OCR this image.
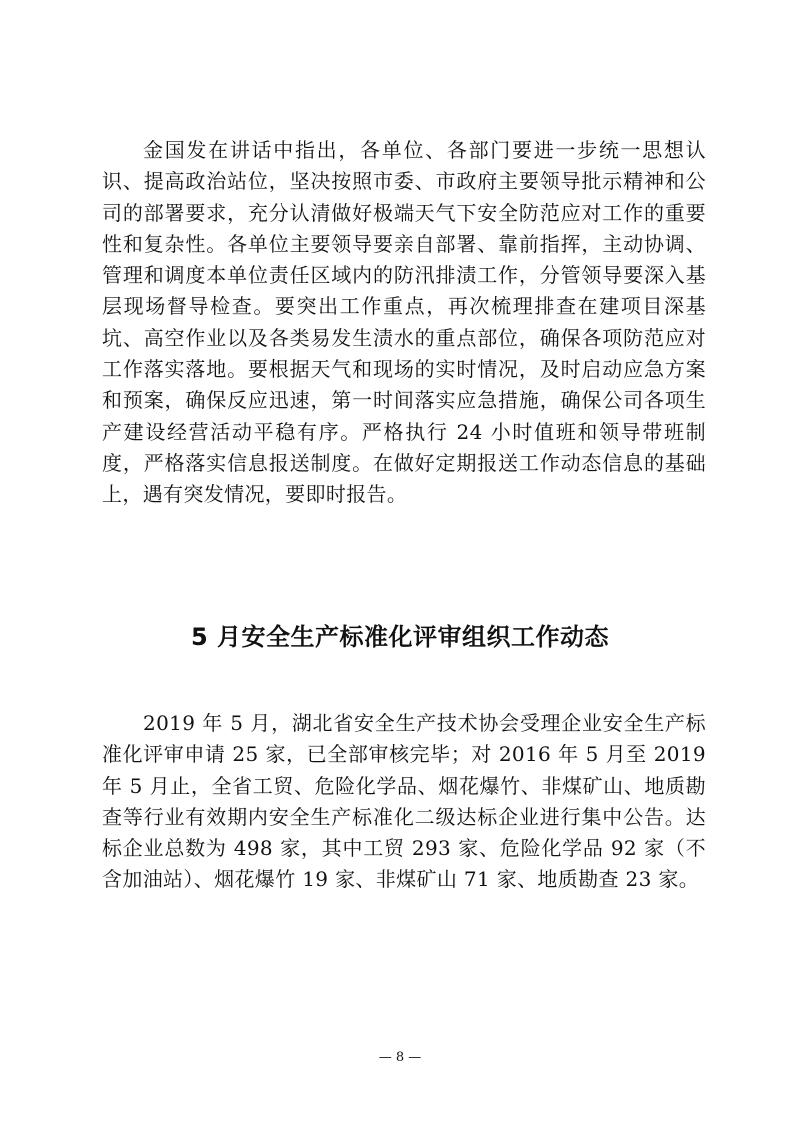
金国发在讲话中指出，各单位、各部门要进一步统一思想认识、提高政治站位，坚决按照市委、市政府主要领导批示精神和公司的部署要求，充分认清做好极端天气下安全防范应对工作的重要性和复杂性。各单位主要领导要亲自部署、靠前指挥，主动协调、管理和调度本单位责任区域内的防汛排渍工作，分管领导要深入基层现场督导检查。要突出工作重点，再次梳理排查在建项目深基坑、高空作业以及各类易发生渍水的重点部位，确保各项防范应对工作落实落地。要根据天气和现场的实时情况，及时启动应急方案和预案，确保反应迅速，第一时间落实应急措施，确保公司各项生产建设经营活动平稳有序。严格执行 24 小时值班和领导带班制度，严格落实信息报送制度。在做好定期报送工作动态信息的基础上，遇有突发情况，要即时报告。

5 月安全生产标准化评审组织工作动态

2019 年 5 月，湖北省安全生产技术协会受理企业安全生产标准化评审申请 25 家，已全部审核完毕；对 2016 年 5 月至 2019 年 5 月止，全省工贸、危险化学品、烟花爆竹、非煤矿山、地质勘查等行业有效期内安全生产标准化二级达标企业进行集中公告。达标企业总数为 498 家，其中工贸 293 家、危险化学品 92 家（不含加油站）、烟花爆竹 19 家、非煤矿山 71 家、地质勘查 23 家。

— 8 —
